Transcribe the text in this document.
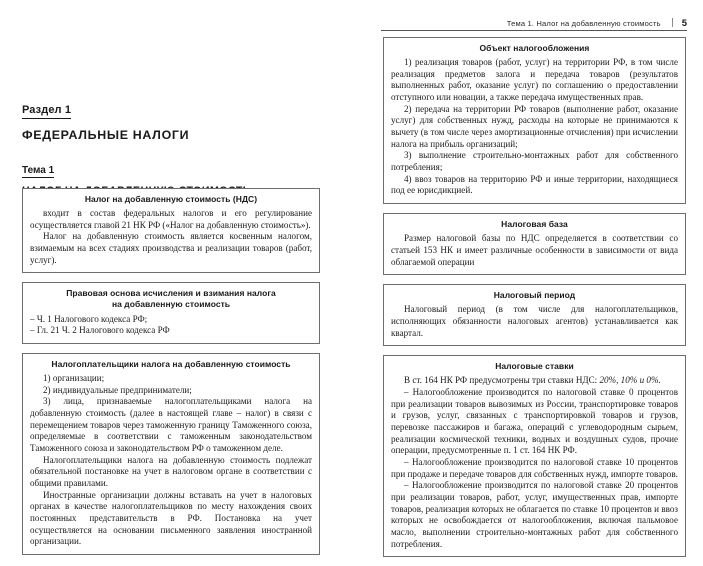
Тема 1. Налог на добавленную стоимость 5
Раздел 1
ФЕДЕРАЛЬНЫЕ НАЛОГИ
Тема 1
Налог на добавленную стоимость (НДС)

входит в состав федеральных налогов и его регулирование осуществляется главой 21 НК РФ («Налог на добавленную стоимость»).

Налог на добавленную стоимость является косвенным налогом, взимаемым на всех стадиях производства и реализации товаров (работ, услуг).

Правовая основа исчисления и взимания налога
на добавленную стоимость

– Ч. 1 Налогового кодекса РФ;

– Гл. 21 Ч. 2 Налогового кодекса РФ

Налогоплательщики налога на добавленную стоимость

1) организации;

2) индивидуальные предприниматели;

3) лица, признаваемые налогоплательщиками налога на добавленную стоимость (далее в настоящей главе – налог) в связи с перемещением товаров через таможенную границу Таможенного союза, определяемые в соответствии с таможенным законодательством Таможенного союза и законодательством РФ о таможенном деле.

Налогоплательщики налога на добавленную стоимость подлежат обязательной постановке на учет в налоговом органе в соответствии с общими правилами.

Иностранные организации должны вставать на учет в налоговых органах в качестве налогоплательщиков по месту нахождения своих постоянных представительств в РФ. Постановка на учет осуществляется на основании письменного заявления иностранной организации.

Объект налогообложения

1) реализация товаров (работ, услуг) на территории РФ, в том числе реализация предметов залога и передача товаров (результатов выполненных работ, оказание услуг) по соглашению о предоставлении отступного или новации, а также передача имущественных прав.

2) передача на территории РФ товаров (выполнение работ, оказание услуг) для собственных нужд, расходы на которые не принимаются к вычету (в том числе через амортизационные отчисления) при исчислении налога на прибыль организаций;

3) выполнение строительно-монтажных работ для собственного потребления;

4) ввоз товаров на территорию РФ и иные территории, находящиеся под ее юрисдикцией.

Налоговая база

Размер налоговой базы по НДС определяется в соответствии со статьей 153 НК и имеет различные особенности в зависимости от вида облагаемой операции

Налоговый период

Налоговый период (в том числе для налогоплательщиков, исполняющих обязанности налоговых агентов) устанавливается как квартал.

Налоговые ставки

В ст. 164 НК РФ предусмотрены три ставки НДС: 20%, 10% и 0%.

– Налогообложение производится по налоговой ставке 0 процентов при реализации товаров вывозимых из России, транспортировке товаров и грузов, услуг, связанных с транспортировкой товаров и грузов, перевозке пассажиров и багажа, операций с углеводородным сырьем, реализации космической техники, водных и воздушных судов, прочие операции, предусмотренные п. 1 ст. 164 НК РФ.

– Налогообложение производится по налоговой ставке 10 процентов при продаже и передаче товаров для собственных нужд, импорте товаров.

– Налогообложение производится по налоговой ставке 20 процентов при реализации товаров, работ, услуг, имущественных прав, импорте товаров, реализация которых не облагается по ставке 10 процентов и ввоз которых не освобождается от налогообложения, включая пальмовое масло, выполнении строительно-монтажных работ для собственного потребления.
